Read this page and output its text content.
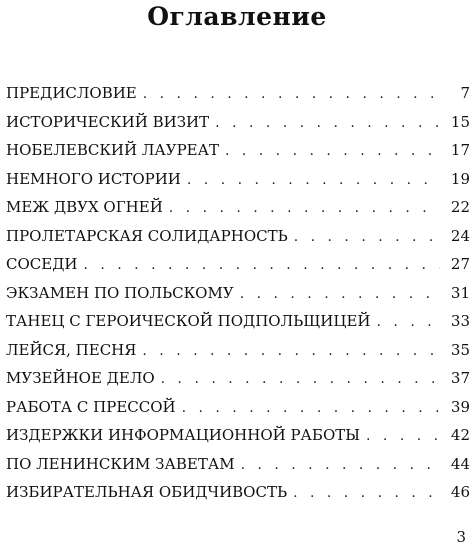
Оглавление
ПРЕДИСЛОВИЕ . . .	7
ИСТОРИЧЕСКИЙ ВИЗИТ . . .	15
НОБЕЛЕВСКИЙ ЛАУРЕАТ . . .	17
НЕМНОГО ИСТОРИИ . . .	19
МЕЖ ДВУХ ОГНЕЙ . . .	22
ПРОЛЕТАРСКАЯ СОЛИДАРНОСТЬ . . .	24
СОСЕДИ . . .	27
ЭКЗАМЕН ПО ПОЛЬСКОМУ . . .	31
ТАНЕЦ С ГЕРОИЧЕСКОЙ ПОДПОЛЬЩИЦЕЙ . . .	33
ЛЕЙСЯ, ПЕСНЯ . . .	35
МУЗЕЙНОЕ ДЕЛО . . .	37
РАБОТА С ПРЕССОЙ . . .	39
ИЗДЕРЖКИ ИНФОРМАЦИОННОЙ РАБОТЫ . . .	42
ПО ЛЕНИНСКИМ ЗАВЕТАМ . . .	44
ИЗБИРАТЕЛЬНАЯ ОБИДЧИВОСТЬ . . .	46
3
